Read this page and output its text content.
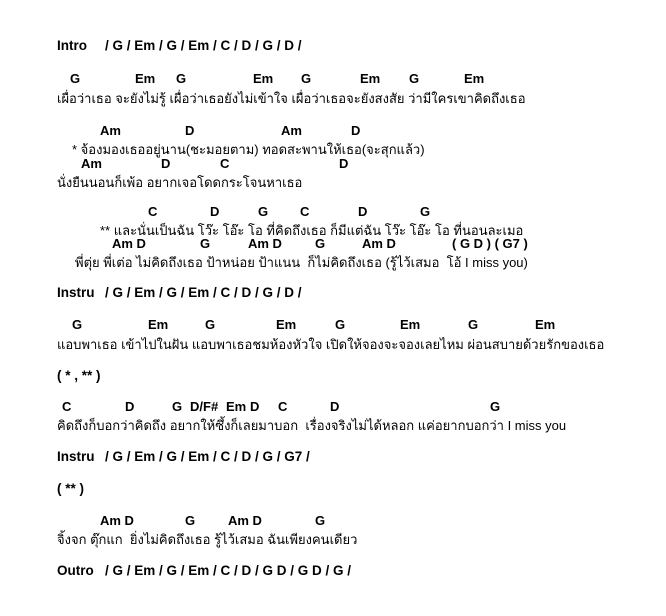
Intro / G / Em / G / Em / C / D / G / D /
G	Em G	Em G	Em G	Em
เผื่อว่าเธอ จะยังไม่รู้ เผื่อว่าเธอยังไม่เข้าใจ เผื่อว่าเธอจะยังสงสัย ว่ามีใครเขาคิดถึงเธอ
Am	D	Am	D
* จ้องมองเธออยู่นาน(ชะมอยตาม) ทอดสะพานให้เธอ(จะสุกแล้ว)
Am	D	C	D
นั่งยืนนอนก็เพ้อ อยากเจอโดดกระโจนหาเธอ
C	D	G C	D	G
** และนั่นเป็นฉัน โว๊ะ โอ๊ะ โอ ที่คิดถึงเธอ ก็มีแต่ฉัน โว๊ะ โอ๊ะ โอ ที่นอนละเมอ
Am D	G	Am D	G	Am D	( G D ) ( G7 )
พี่ตุ่ย พี่เต่อ ไม่คิดถึงเธอ ป้าหน่อย ป้าแนน  ก็ไม่คิดถึงเธอ (รู้ไว้เสมอ  โอ้ I miss you)
Instru / G / Em / G / Em / C / D / G / D /
G	Em	G	Em	G	Em	G	Em
แอบพาเธอ เข้าไปในฝัน แอบพาเธอชมห้องหัวใจ เปิดให้จองจะจองเลยไหม ผ่อนสบายด้วยรักของเธอ
( * , ** )
C	D	G D/F# Em D C	D	G
คิดถึงก็บอกว่าคิดถึง อยากให้ซึ้งก็เลยมาบอก  เรื่องจริงไม่ได้หลอก แค่อยากบอกว่า I miss you
Instru / G / Em / G / Em / C / D / G / G7 /
( ** )
Am D	G	Am D	G
จิ้งจก ตุ๊กแก  ยิ่งไม่คิดถึงเธอ รู้ไว้เสมอ ฉันเพียงคนเดียว
Outro / G / Em / G / Em / C / D / G D / G D / G /
